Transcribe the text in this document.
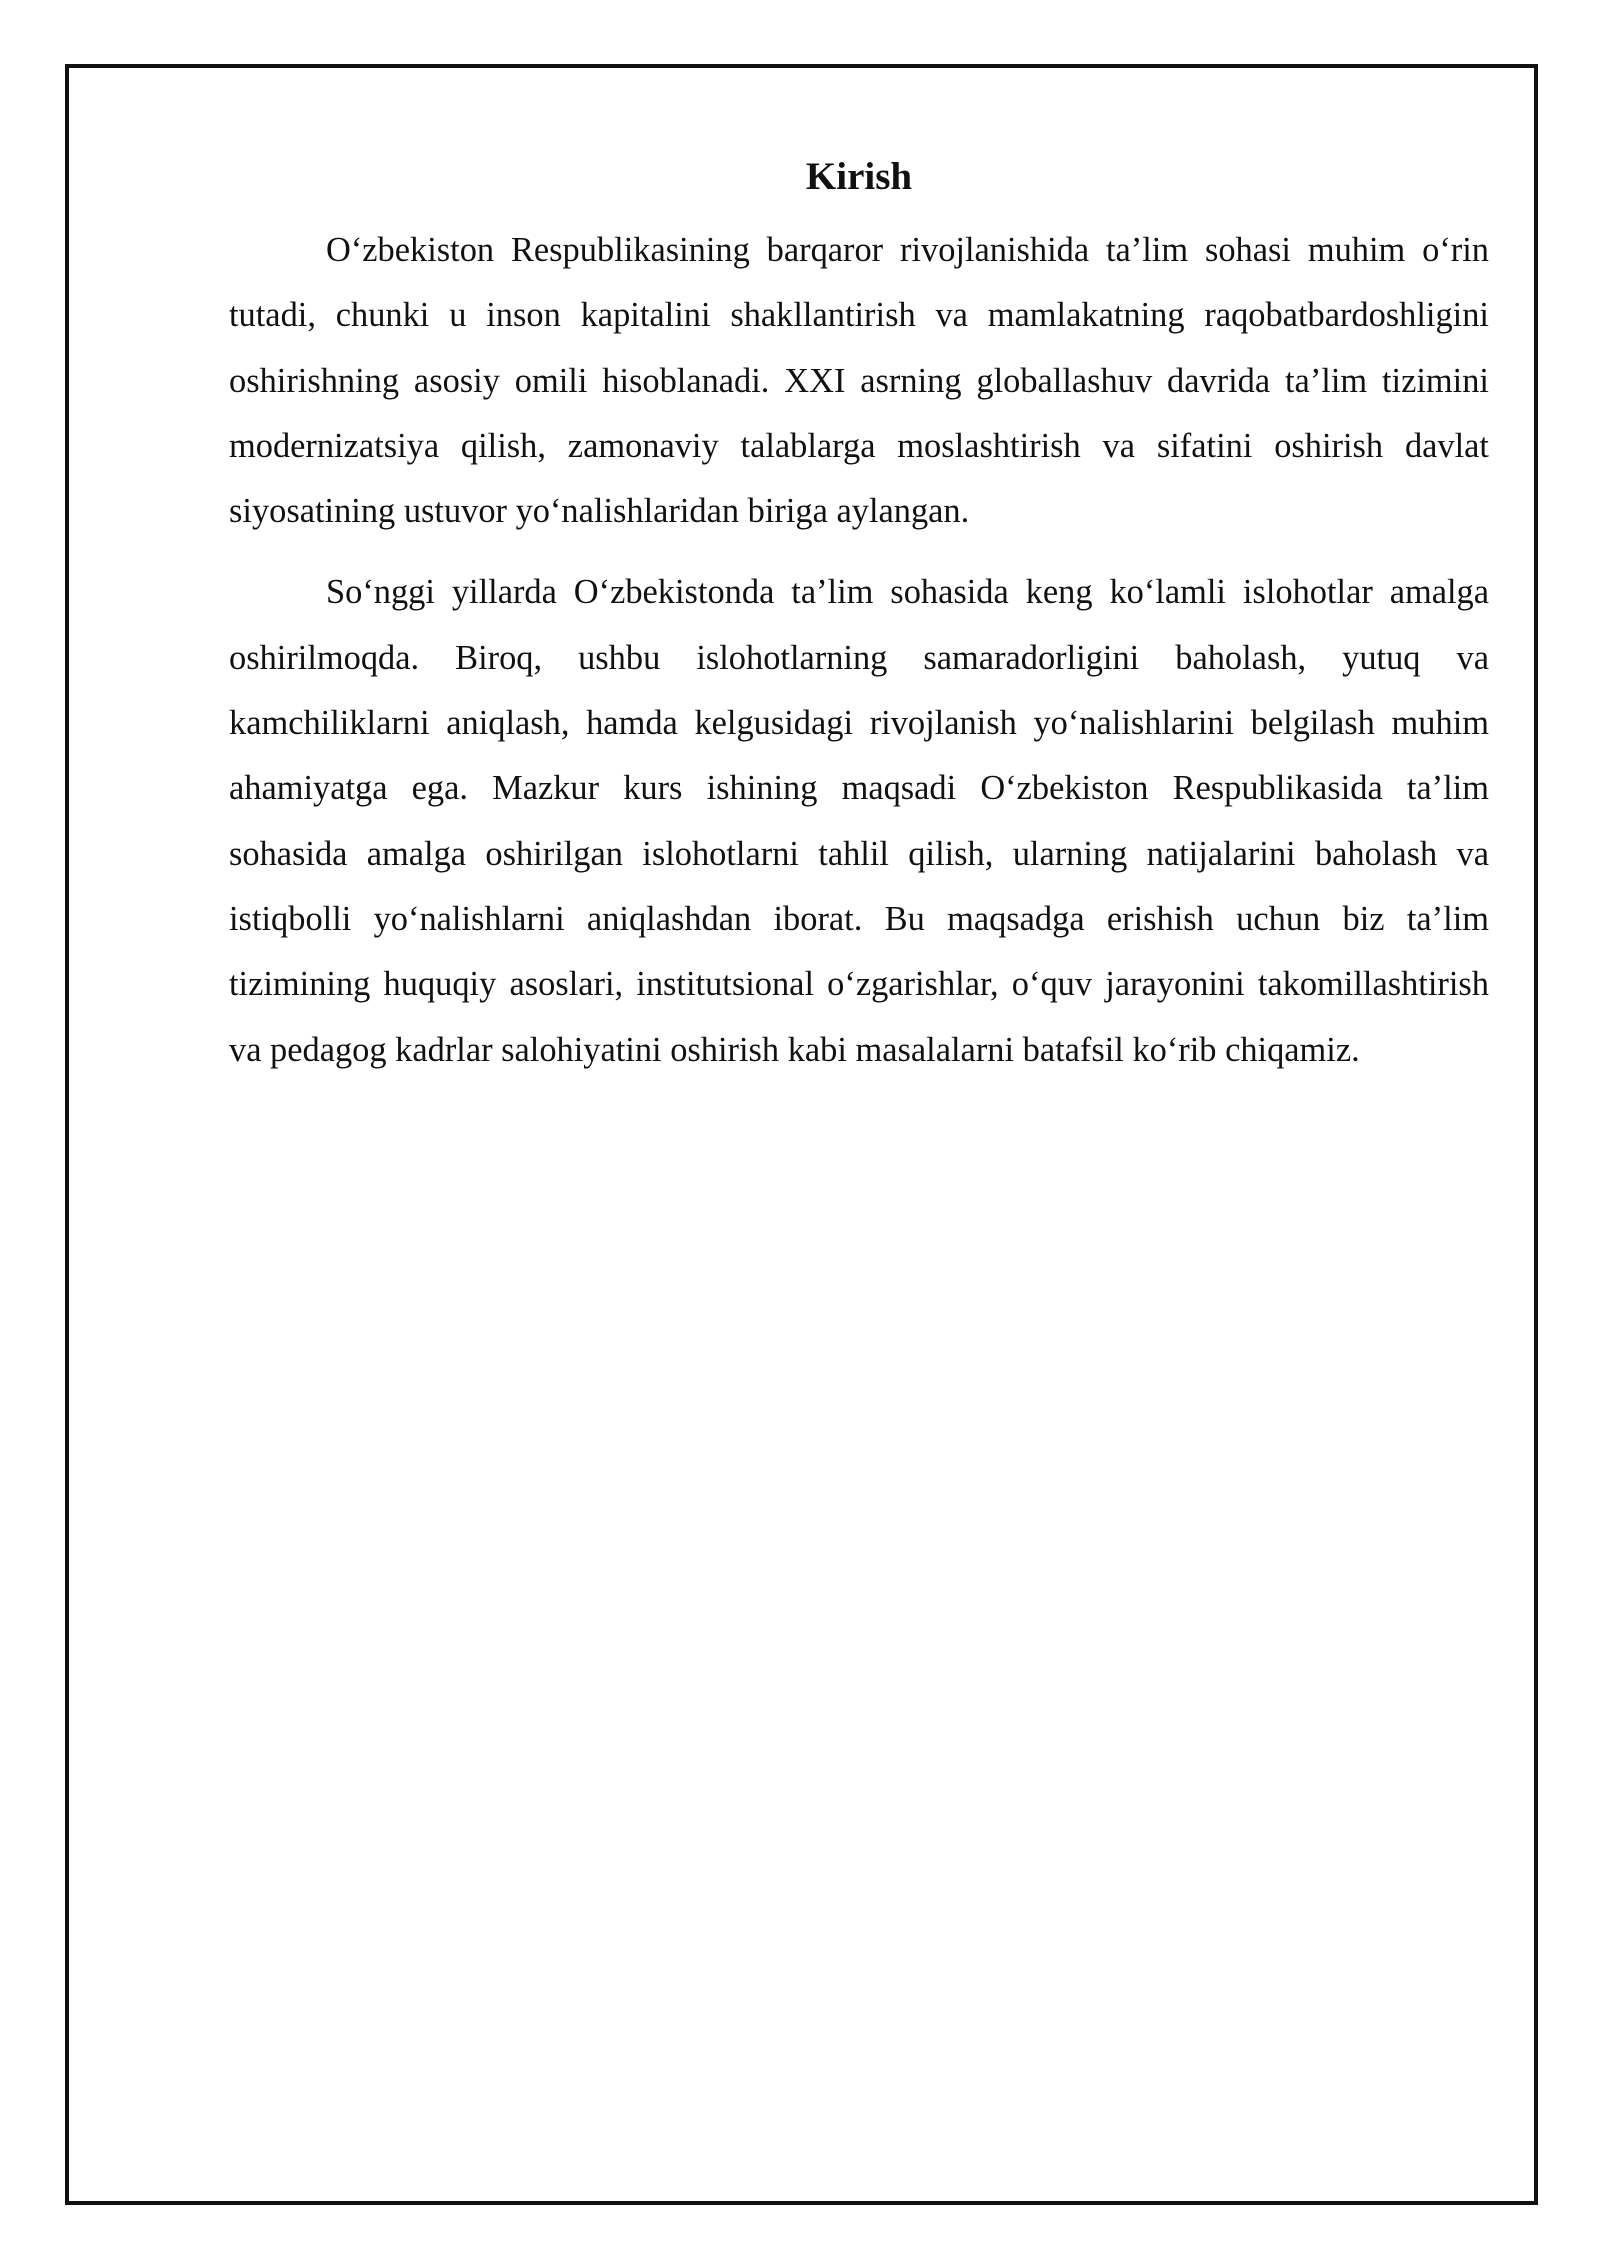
Kirish

O‘zbekiston Respublikasining barqaror rivojlanishida ta’lim sohasi muhim o‘rin tutadi, chunki u inson kapitalini shakllantirish va mamlakatning raqobatbardoshligini oshirishning asosiy omili hisoblanadi. XXI asrning globallashuv davrida ta’lim tizimini modernizatsiya qilish, zamonaviy talablarga moslashtirish va sifatini oshirish davlat siyosatining ustuvor yo‘nalishlaridan biriga aylangan.

So‘nggi yillarda O‘zbekistonda ta’lim sohasida keng ko‘lamli islohotlar amalga oshirilmoqda. Biroq, ushbu islohotlarning samaradorligini baholash, yutuq va kamchiliklarni aniqlash, hamda kelgusidagi rivojlanish yo‘nalishlarini belgilash muhim ahamiyatga ega. Mazkur kurs ishining maqsadi O‘zbekiston Respublikasida ta’lim sohasida amalga oshirilgan islohotlarni tahlil qilish, ularning natijalarini baholash va istiqbolli yo‘nalishlarni aniqlashdan iborat. Bu maqsadga erishish uchun biz ta’lim tizimining huquqiy asoslari, institutsional o‘zgarishlar, o‘quv jarayonini takomillashtirish va pedagog kadrlar salohiyatini oshirish kabi masalalarni batafsil ko‘rib chiqamiz.
